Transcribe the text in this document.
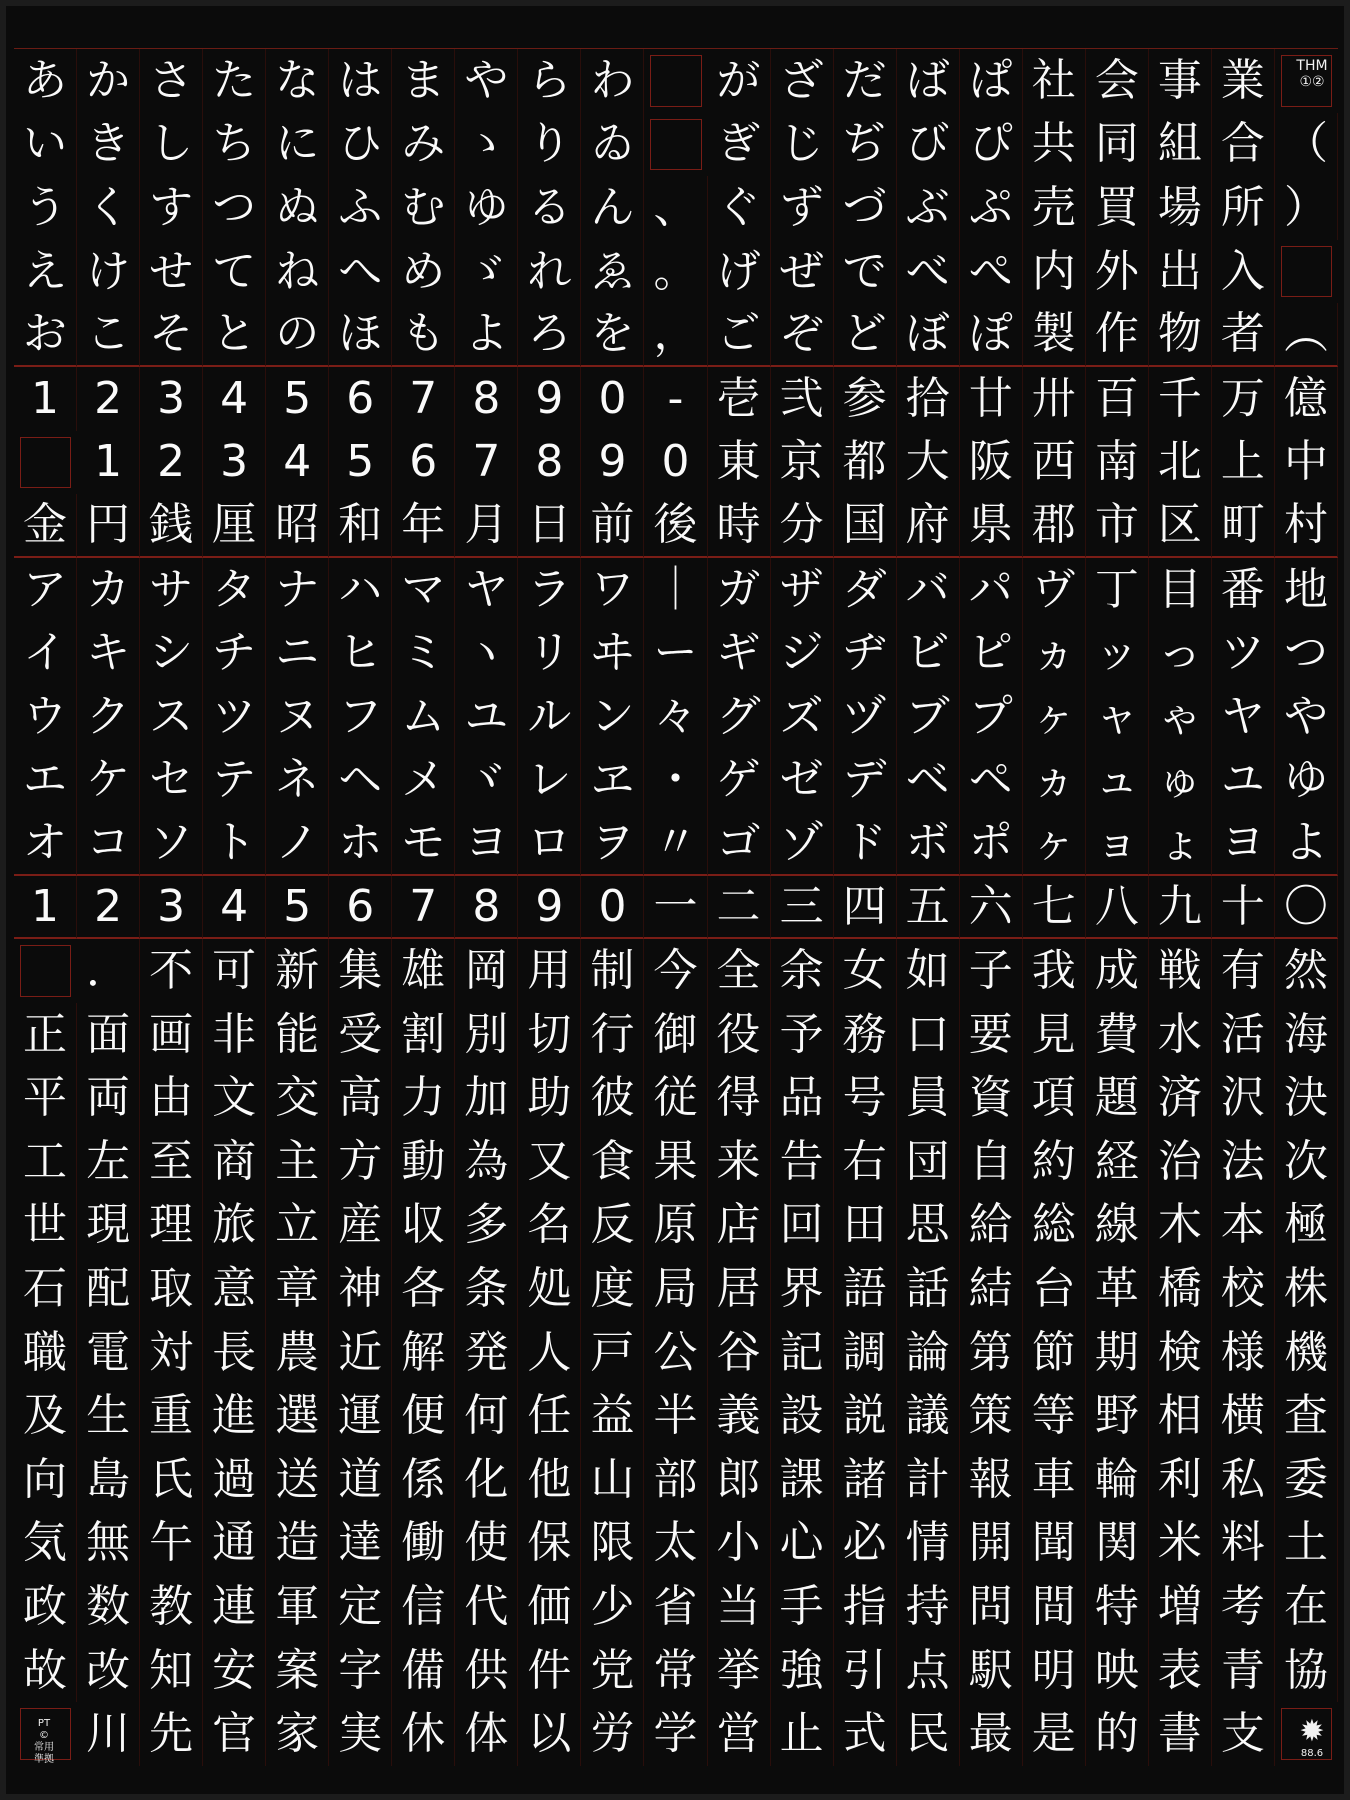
あ か さ た な は ま や ら わ が ざ だ ば ぱ 社 会 事 業
い き し ち に ひ み ゝ り ゐ ぎ じ ぢ び ぴ 共 同 組 合 （
う く す つ ぬ ふ む ゆ る ん 、 ぐ ず づ ぶ ぷ 売 買 場 所 ）
え け せ て ね へ め ゞ れ ゑ 。 げ ぜ で べ ぺ 内 外 出 入
お こ そ と の ほ も よ ろ を ， ご ぞ ど ぼ ぽ 製 作 物 者 ︵
1 2 3 4 5 6 7 8 9 0 - 壱 弐 参 拾 廿 卅 百 千 万 億
1 2 3 4 5 6 7 8 9 0 東 京 都 大 阪 西 南 北 上 中
金 円 銭 厘 昭 和 年 月 日 前 後 時 分 国 府 県 郡 市 区 町 村
ア カ サ タ ナ ハ マ ヤ ラ ワ ｜ ガ ザ ダ バ パ ヴ 丁 目 番 地
イ キ シ チ ニ ヒ ミ ヽ リ ヰ ー ギ ジ ヂ ビ ピ ヵ ッ っ ツ つ
ウ ク ス ツ ヌ フ ム ユ ル ン 々 グ ズ ヅ ブ プ ヶ ャ ゃ ヤ や
エ ケ セ テ ネ ヘ メ ヾ レ ヱ ・ ゲ ゼ デ ベ ペ ヵ ュ ゅ ユ ゆ
オ コ ソ ト ノ ホ モ ヨ ロ ヲ 〃 ゴ ゾ ド ボ ポ ヶ ョ ょ ヨ よ
1 2 3 4 5 6 7 8 9 0 一 二 三 四 五 六 七 八 九 十 〇
． 不 可 新 集 雄 岡 用 制 今 全 余 女 如 子 我 成 戦 有 然
正 面 画 非 能 受 割 別 切 行 御 役 予 務 口 要 見 費 水 活 海
平 両 由 文 交 高 力 加 助 彼 従 得 品 号 員 資 項 題 済 沢 決
工 左 至 商 主 方 動 為 又 食 果 来 告 右 団 自 約 経 治 法 次
世 現 理 旅 立 産 収 多 名 反 原 店 回 田 思 給 総 線 木 本 極
石 配 取 意 章 神 各 条 処 度 局 居 界 語 話 結 台 革 橋 校 株
職 電 対 長 農 近 解 発 人 戸 公 谷 記 調 論 第 節 期 検 様 機
及 生 重 進 選 運 便 何 任 益 半 義 設 説 議 策 等 野 相 横 査
向 島 氏 過 送 道 係 化 他 山 部 郎 課 諸 計 報 車 輪 利 私 委
気 無 午 通 造 達 働 使 保 限 太 小 心 必 情 開 聞 関 米 料 土
政 数 教 連 軍 定 信 代 価 少 省 当 手 指 持 問 間 特 増 考 在
故 改 知 安 案 字 備 供 件 党 常 挙 強 引 点 駅 明 映 表 青 協
川 先 官 家 実 休 体 以 労 学 営 止 式 民 最 是 的 書 支
THM
①②
PT
©
常用
準拠
✹
88.6
